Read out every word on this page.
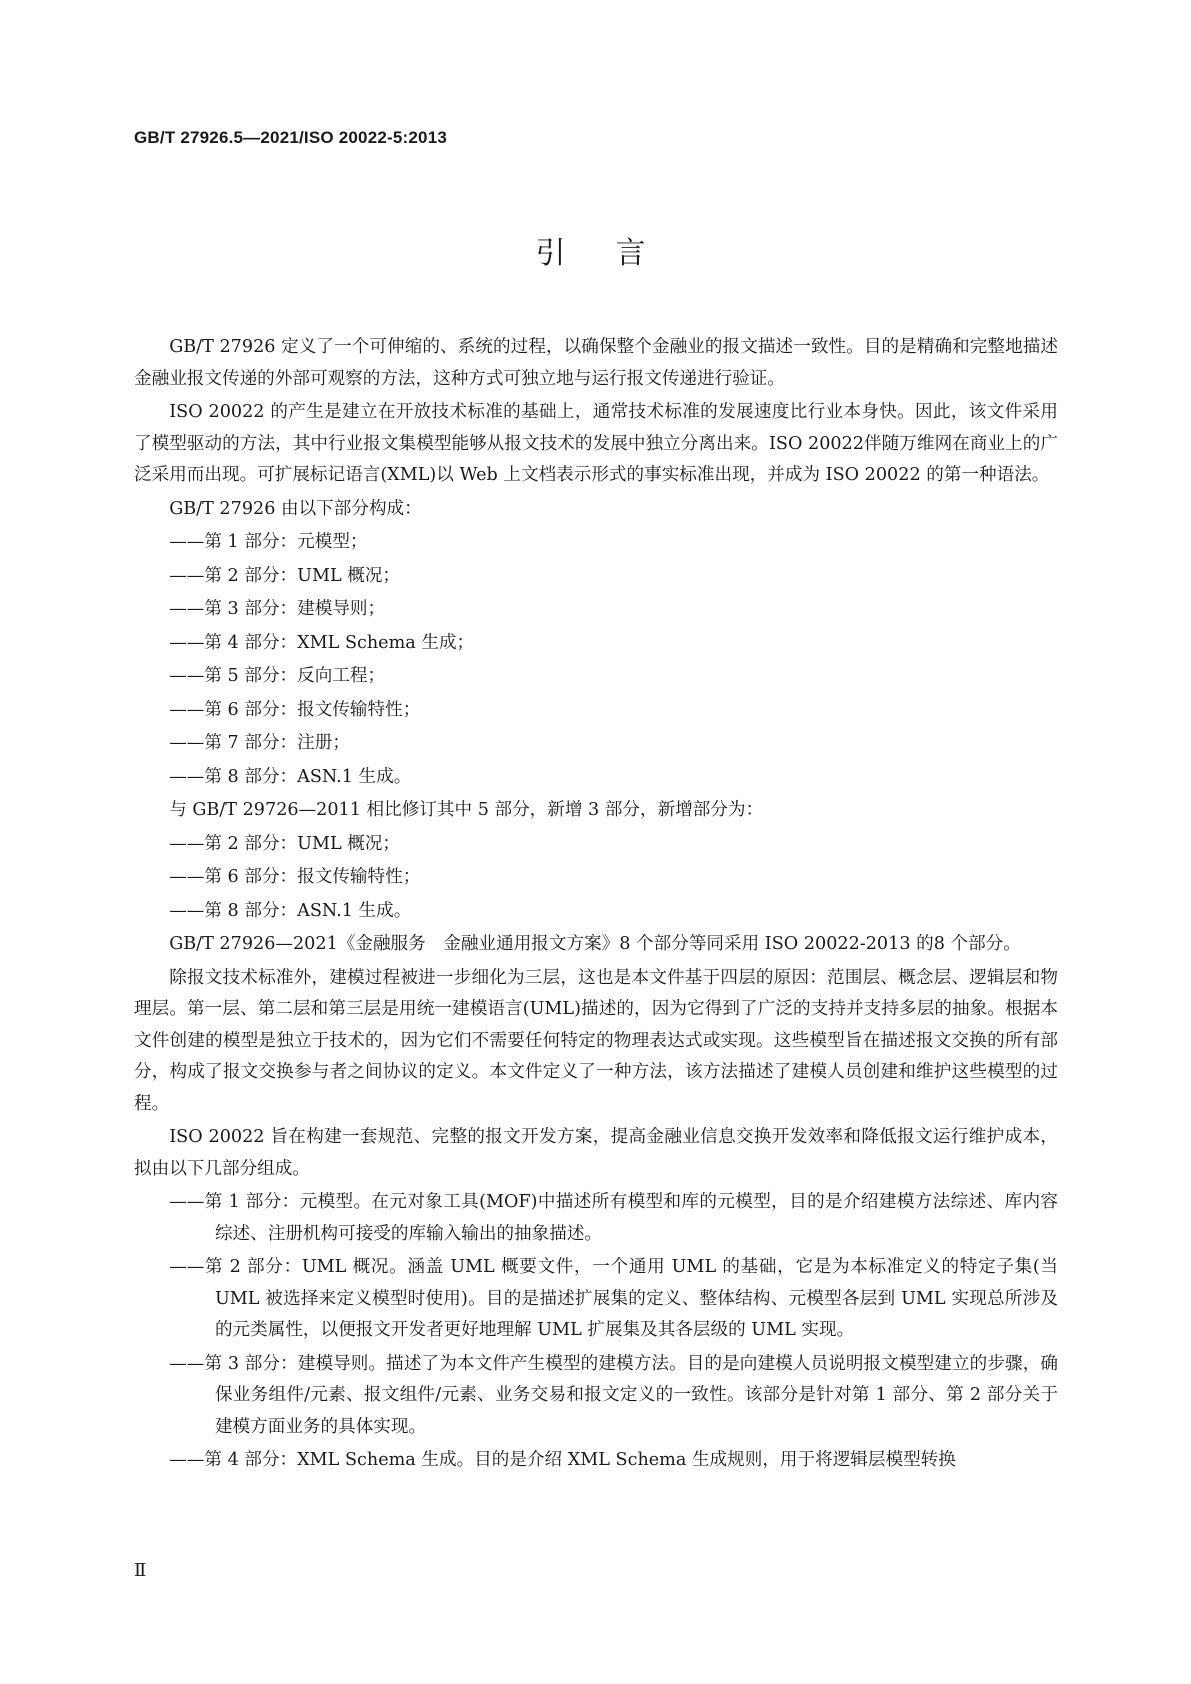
GB/T 27926.5—2021/ISO 20022-5:2013
引言

GB/T 27926 定义了一个可伸缩的、系统的过程，以确保整个金融业的报文描述一致性。目的是精确和完整地描述金融业报文传递的外部可观察的方法，这种方式可独立地与运行报文传递进行验证。

ISO 20022 的产生是建立在开放技术标准的基础上，通常技术标准的发展速度比行业本身快。因此，该文件采用了模型驱动的方法，其中行业报文集模型能够从报文技术的发展中独立分离出来。ISO 20022伴随万维网在商业上的广泛采用而出现。可扩展标记语言(XML)以 Web 上文档表示形式的事实标准出现，并成为 ISO 20022 的第一种语法。

GB/T 27926 由以下部分构成：

——第 1 部分：元模型；

——第 2 部分：UML 概况；

——第 3 部分：建模导则；

——第 4 部分：XML Schema 生成；

——第 5 部分：反向工程；

——第 6 部分：报文传输特性；

——第 7 部分：注册；

——第 8 部分：ASN.1 生成。

与 GB/T 29726—2011 相比修订其中 5 部分，新增 3 部分，新增部分为：

——第 2 部分：UML 概况；

——第 6 部分：报文传输特性；

——第 8 部分：ASN.1 生成。

GB/T 27926—2021《金融服务　金融业通用报文方案》8 个部分等同采用 ISO 20022-2013 的8 个部分。

除报文技术标准外，建模过程被进一步细化为三层，这也是本文件基于四层的原因：范围层、概念层、逻辑层和物理层。第一层、第二层和第三层是用统一建模语言(UML)描述的，因为它得到了广泛的支持并支持多层的抽象。根据本文件创建的模型是独立于技术的，因为它们不需要任何特定的物理表达式或实现。这些模型旨在描述报文交换的所有部分，构成了报文交换参与者之间协议的定义。本文件定义了一种方法，该方法描述了建模人员创建和维护这些模型的过程。

ISO 20022 旨在构建一套规范、完整的报文开发方案，提高金融业信息交换开发效率和降低报文运行维护成本，拟由以下几部分组成。

——第 1 部分：元模型。在元对象工具(MOF)中描述所有模型和库的元模型，目的是介绍建模方法综述、库内容综述、注册机构可接受的库输入输出的抽象描述。

——第 2 部分：UML 概况。涵盖 UML 概要文件，一个通用 UML 的基础，它是为本标准定义的特定子集(当 UML 被选择来定义模型时使用)。目的是描述扩展集的定义、整体结构、元模型各层到 UML 实现总所涉及的元类属性，以便报文开发者更好地理解 UML 扩展集及其各层级的 UML 实现。

——第 3 部分：建模导则。描述了为本文件产生模型的建模方法。目的是向建模人员说明报文模型建立的步骤，确保业务组件/元素、报文组件/元素、业务交易和报文定义的一致性。该部分是针对第 1 部分、第 2 部分关于建模方面业务的具体实现。

——第 4 部分：XML Schema 生成。目的是介绍 XML Schema 生成规则，用于将逻辑层模型转换

Ⅱ
